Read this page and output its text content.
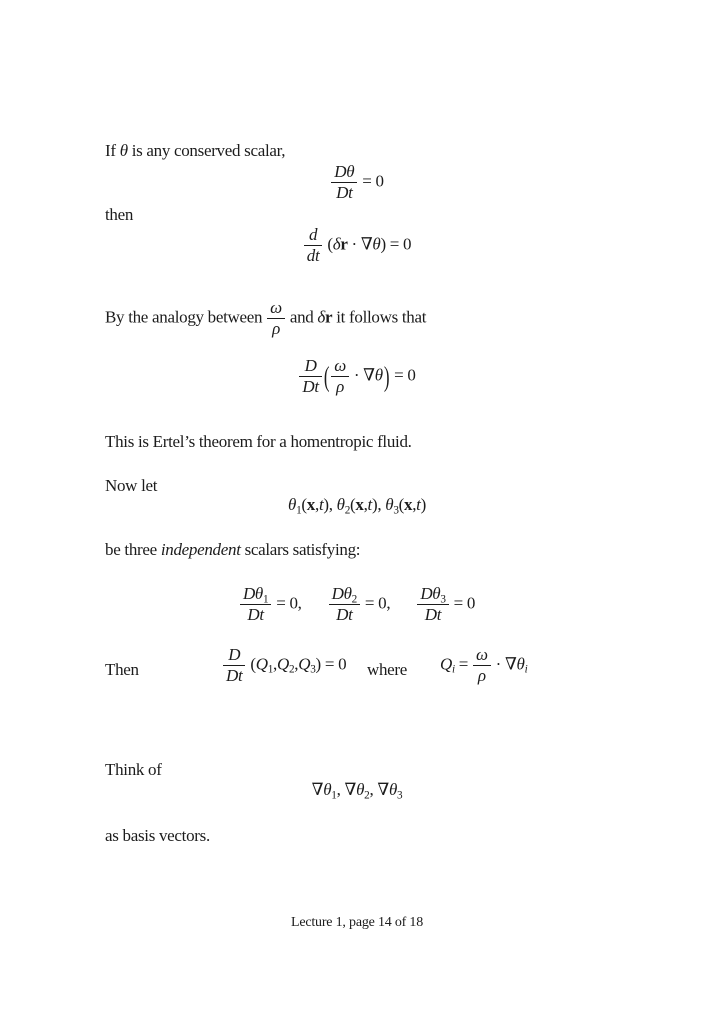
If θ is any conserved scalar,
$\frac{D\theta}{Dt} = 0$
then
$\frac{d}{dt} (\delta r \cdot \nabla\theta) = 0$
By the analogy between $\frac{\omega}{\rho}$ and δr it follows that
$\frac{D}{Dt}$ ( $\frac{\omega}{\rho} \cdot \nabla\theta) = 0$
This is Ertel’s theorem for a homentropic fluid.
Now let
$\theta_1(x,t)$, $\theta_2(x,t)$, $\theta_3(x,t)$
be three independent scalars satisfying:
$\frac{D\theta_1}{Dt} = 0$, $\frac{D\theta_2}{Dt} = 0$, $\frac{D\theta_3}{Dt} = 0$
Then	$\frac{D}{Dt} (Q_1,Q_2,Q_3) = 0$ where $Qi = \frac{\omega}{\rho} \cdot \nabla\theta i$
Think of
$\nabla\theta_1$, $\nabla\theta_2$, $\nabla\theta_3$
as basis vectors.
Lecture 1, page 14 of 18
